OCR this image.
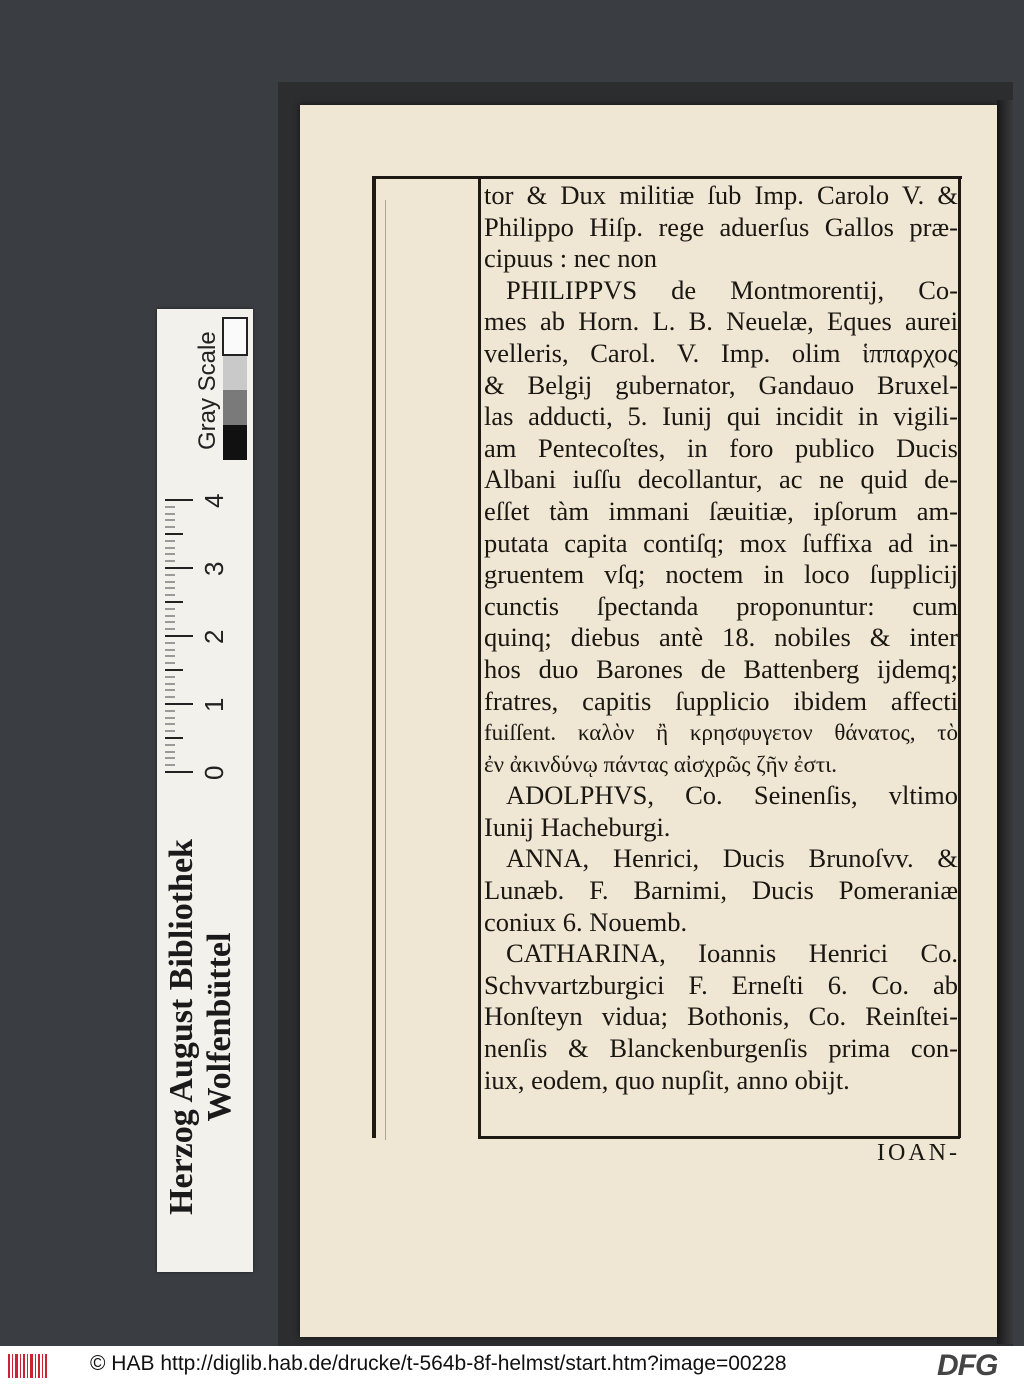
tor & Dux militiæ ſub Imp. Carolo V. &
Philippo Hiſp. rege aduerſus Gallos præ-
cipuus : nec non
PHILIPPVS de Montmorentij, Co-
mes ab Horn. L. B. Neuelæ, Eques aurei
velleris, Carol. V. Imp. olim ἱππαρχος
& Belgij gubernator, Gandauo Bruxel-
las adducti, 5. Iunij qui incidit in vigili-
am Pentecoſtes, in foro publico Ducis
Albani iuſſu decollantur, ac ne quid de-
eſſet tàm immani ſæuitiæ, ipſorum am-
putata capita contiſq; mox ſuffixa ad in-
gruentem vſq; noctem in loco ſupplicij
cunctis ſpectanda proponuntur: cum
quinq; diebus antè 18. nobiles & inter
hos duo Barones de Battenberg ijdemq;
fratres, capitis ſupplicio ibidem affecti
fuiſſent. καλὸν ἢ κρησφυγετον θάνατος, τὸ
ἐν ἀκινδύνῳ πάντας αἰσχρῶς ζῆν ἐστι.
ADOLPHVS, Co. Seinenſis, vltimo
Iunij Hacheburgi.
ANNA, Henrici, Ducis Brunoſvv. &
Lunæb. F. Barnimi, Ducis Pomeraniæ
coniux 6. Nouemb.
CATHARINA, Ioannis Henrici Co.
Schvvartzburgici F. Erneſti 6. Co. ab
Honſteyn vidua; Bothonis, Co. Reinſtei-
nenſis & Blanckenburgenſis prima con-
iux, eodem, quo nupſit, anno obijt.
IOAN-
Herzog August Bibliothek Wolfenbüttel
0
1
2
3
4
Gray Scale
© HAB http://diglib.hab.de/drucke/t-564b-8f-helmst/start.htm?image=00228	DFG
